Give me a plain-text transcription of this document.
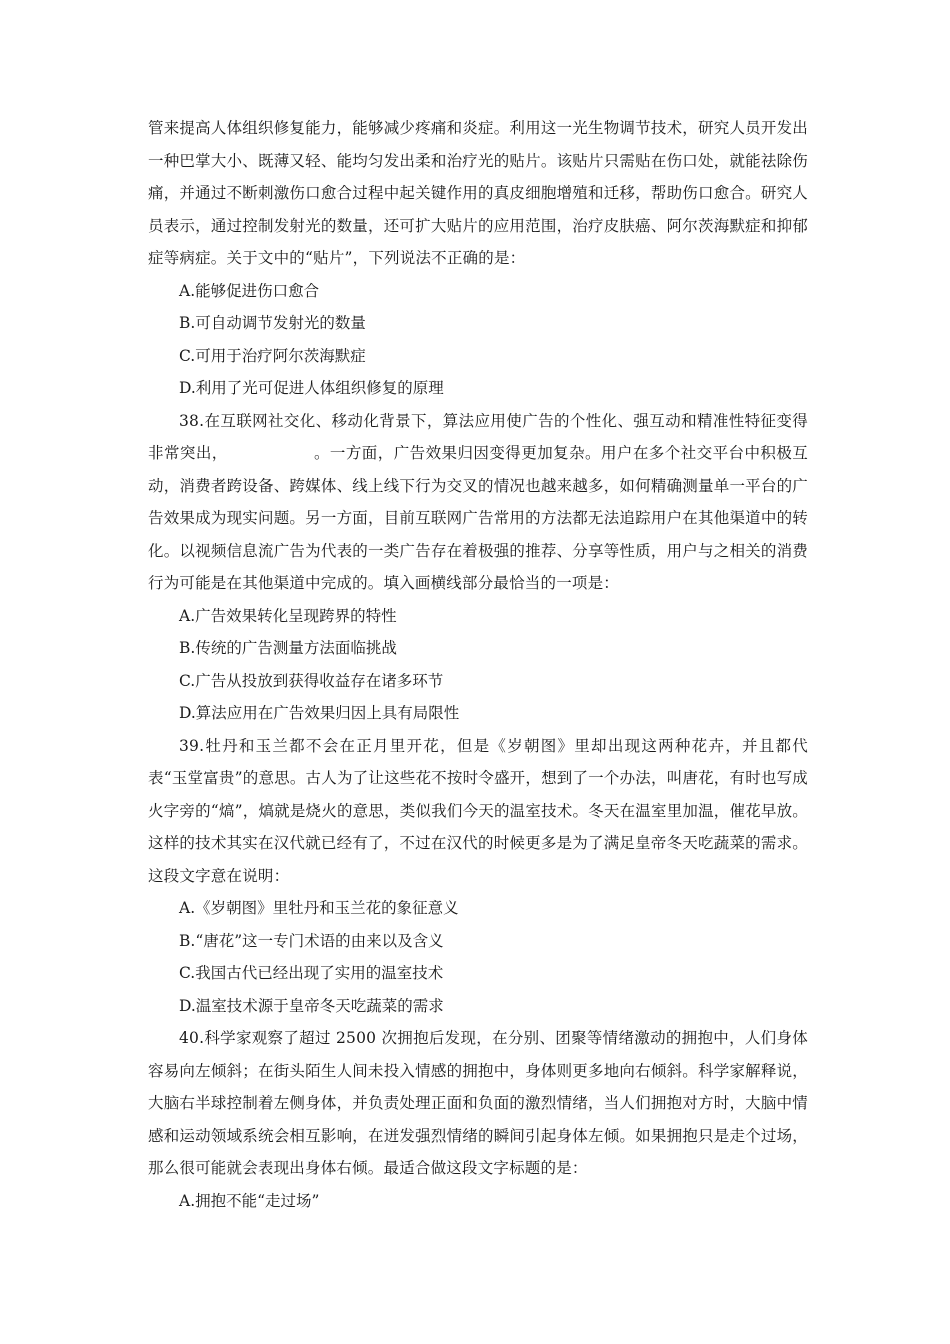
管来提高人体组织修复能力，能够减少疼痛和炎症。利用这一光生物调节技术，研究人员开发出一种巴掌大小、既薄又轻、能均匀发出柔和治疗光的贴片。该贴片只需贴在伤口处，就能祛除伤痛，并通过不断刺激伤口愈合过程中起关键作用的真皮细胞增殖和迁移，帮助伤口愈合。研究人员表示，通过控制发射光的数量，还可扩大贴片的应用范围，治疗皮肤癌、阿尔茨海默症和抑郁症等病症。关于文中的“贴片”，下列说法不正确的是：

A.能够促进伤口愈合

B.可自动调节发射光的数量

C.可用于治疗阿尔茨海默症

D.利用了光可促进人体组织修复的原理

38.在互联网社交化、移动化背景下，算法应用使广告的个性化、强互动和精准性特征变得非常突出，	。一方面，广告效果归因变得更加复杂。用户在多个社交平台中积极互动，消费者跨设备、跨媒体、线上线下行为交叉的情况也越来越多，如何精确测量单一平台的广告效果成为现实问题。另一方面，目前互联网广告常用的方法都无法追踪用户在其他渠道中的转化。以视频信息流广告为代表的一类广告存在着极强的推荐、分享等性质，用户与之相关的消费行为可能是在其他渠道中完成的。填入画横线部分最恰当的一项是：

A.广告效果转化呈现跨界的特性

B.传统的广告测量方法面临挑战

C.广告从投放到获得收益存在诸多环节

D.算法应用在广告效果归因上具有局限性

39.牡丹和玉兰都不会在正月里开花，但是《岁朝图》里却出现这两种花卉，并且都代表“玉堂富贵”的意思。古人为了让这些花不按时令盛开，想到了一个办法，叫唐花，有时也写成火字旁的“熇”，熇就是烧火的意思，类似我们今天的温室技术。冬天在温室里加温，催花早放。这样的技术其实在汉代就已经有了，不过在汉代的时候更多是为了满足皇帝冬天吃蔬菜的需求。这段文字意在说明：

A.《岁朝图》里牡丹和玉兰花的象征意义

B.“唐花”这一专门术语的由来以及含义

C.我国古代已经出现了实用的温室技术

D.温室技术源于皇帝冬天吃蔬菜的需求

40.科学家观察了超过 2500 次拥抱后发现，在分别、团聚等情绪激动的拥抱中，人们身体容易向左倾斜；在街头陌生人间未投入情感的拥抱中，身体则更多地向右倾斜。科学家解释说，大脑右半球控制着左侧身体，并负责处理正面和负面的激烈情绪，当人们拥抱对方时，大脑中情感和运动领域系统会相互影响，在迸发强烈情绪的瞬间引起身体左倾。如果拥抱只是走个过场，那么很可能就会表现出身体右倾。最适合做这段文字标题的是：

A.拥抱不能“走过场”
